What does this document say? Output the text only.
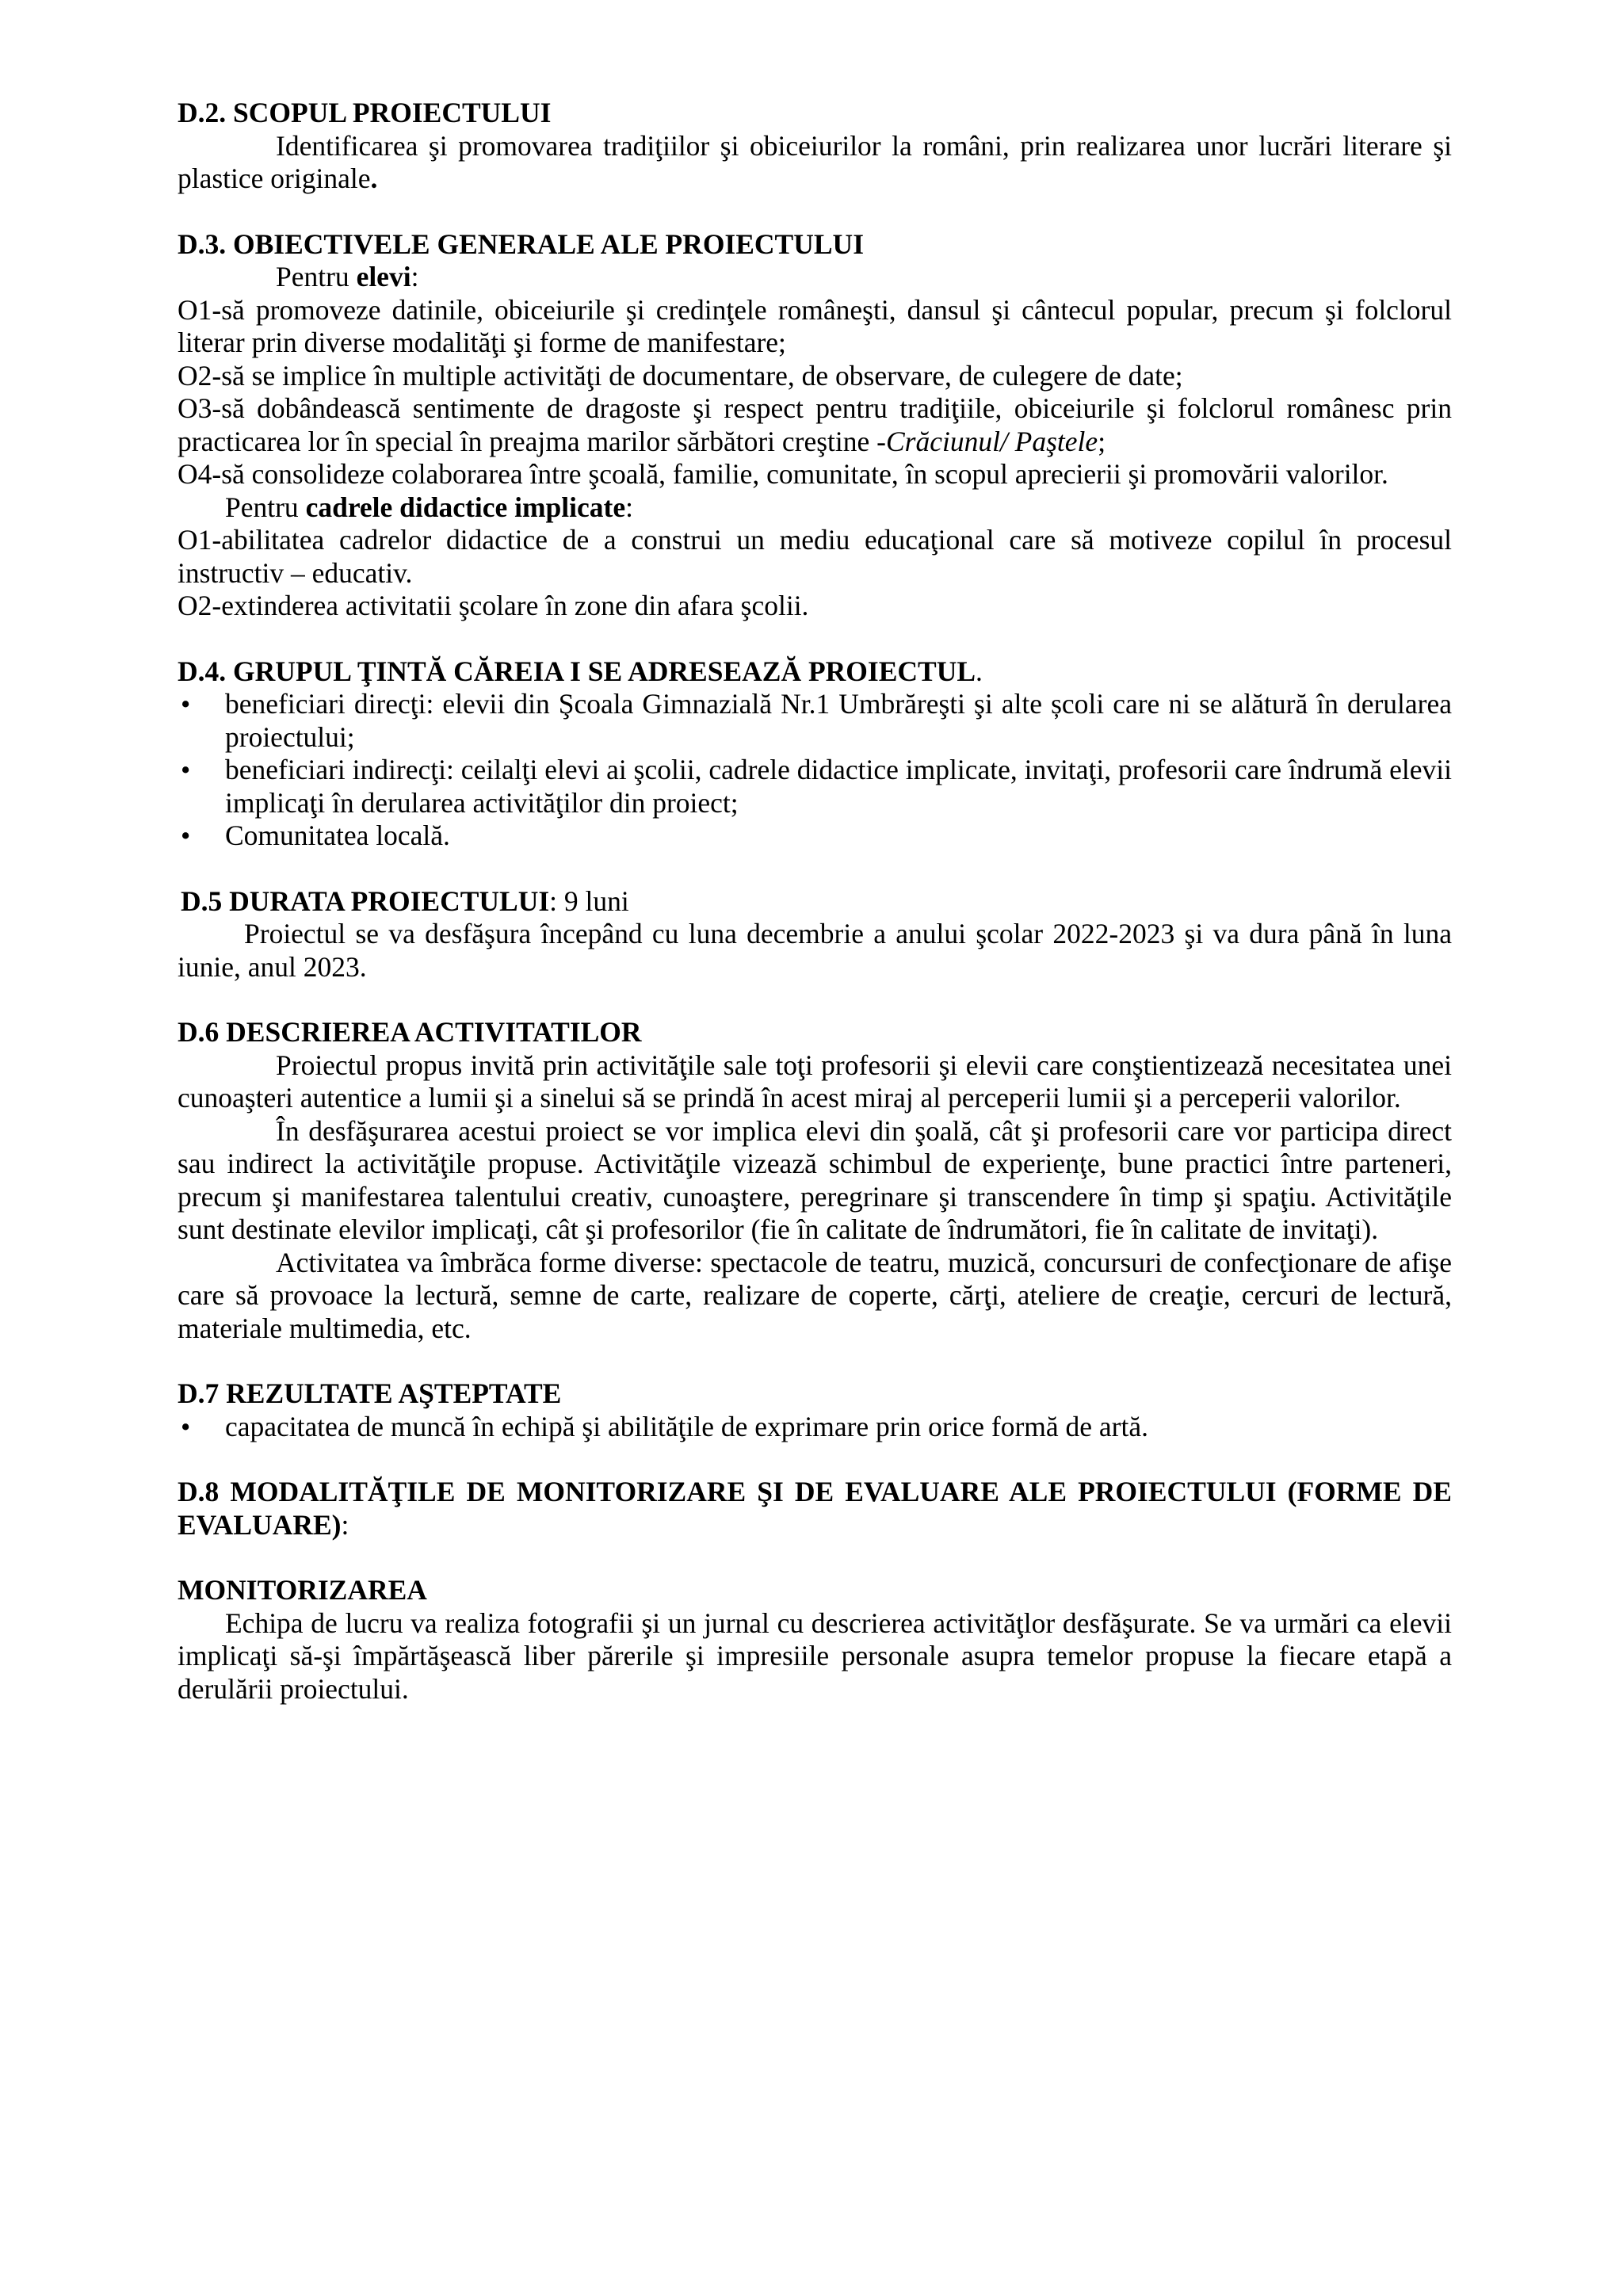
D.2. SCOPUL PROIECTULUI

Identificarea şi promovarea tradiţiilor şi obiceiurilor la români, prin realizarea unor lucrări literare şi plastice originale.

D.3. OBIECTIVELE GENERALE ALE PROIECTULUI

Pentru elevi:

O1-să promoveze datinile, obiceiurile şi credinţele româneşti, dansul şi cântecul popular, precum şi folclorul literar prin diverse modalităţi şi forme de manifestare;

O2-să se implice în multiple activităţi de documentare, de observare, de culegere de date;

O3-să dobândească sentimente de dragoste şi respect pentru tradiţiile, obiceiurile şi folclorul românesc prin practicarea lor în special în preajma marilor sărbători creştine -Crăciunul/ Paştele;

O4-să consolideze colaborarea între şcoală, familie, comunitate, în scopul aprecierii şi promovării valorilor.

Pentru cadrele didactice implicate:

O1-abilitatea cadrelor didactice de a construi un mediu educaţional care să motiveze copilul în procesul instructiv – educativ.

O2-extinderea activitatii şcolare în zone din afara şcolii.

D.4. GRUPUL ŢINTĂ CĂREIA I SE ADRESEAZĂ PROIECTUL.

• beneficiari direcţi: elevii din Şcoala Gimnazială Nr.1 Umbrăreşti şi alte școli care ni se alătură în derularea proiectului;
• beneficiari indirecţi: ceilalţi elevi ai şcolii, cadrele didactice implicate, invitaţi, profesorii care îndrumă elevii implicaţi în derularea activităţilor din proiect;
• Comunitatea locală.

D.5 DURATA PROIECTULUI: 9 luni

Proiectul se va desfăşura începând cu luna decembrie a anului şcolar 2022-2023 şi va dura până în luna iunie, anul 2023.

D.6 DESCRIEREA ACTIVITATILOR

Proiectul propus invită prin activităţile sale toţi profesorii şi elevii care conştientizează necesitatea unei cunoaşteri autentice a lumii şi a sinelui să se prindă în acest miraj al perceperii lumii şi a perceperii valorilor.

În desfăşurarea acestui proiect se vor implica elevi din şoală, cât şi profesorii care vor participa direct sau indirect la activităţile propuse. Activităţile vizează schimbul de experienţe, bune practici între parteneri, precum şi manifestarea talentului creativ, cunoaştere, peregrinare şi transcendere în timp şi spaţiu. Activităţile sunt destinate elevilor implicaţi, cât şi profesorilor (fie în calitate de îndrumători, fie în calitate de invitaţi).

Activitatea va îmbrăca forme diverse: spectacole de teatru, muzică, concursuri de confecţionare de afişe care să provoace la lectură, semne de carte, realizare de coperte, cărţi, ateliere de creaţie, cercuri de lectură, materiale multimedia, etc.

D.7 REZULTATE AŞTEPTATE

• capacitatea de muncă în echipă şi abilităţile de exprimare prin orice formă de artă.

D.8 MODALITĂŢILE DE MONITORIZARE ŞI DE EVALUARE ALE PROIECTULUI (FORME DE EVALUARE):

MONITORIZAREA

Echipa de lucru va realiza fotografii şi un jurnal cu descrierea activităţlor desfăşurate. Se va urmări ca elevii implicaţi să-şi împărtăşească liber părerile şi impresiile personale asupra temelor propuse la fiecare etapă a derulării proiectului.
